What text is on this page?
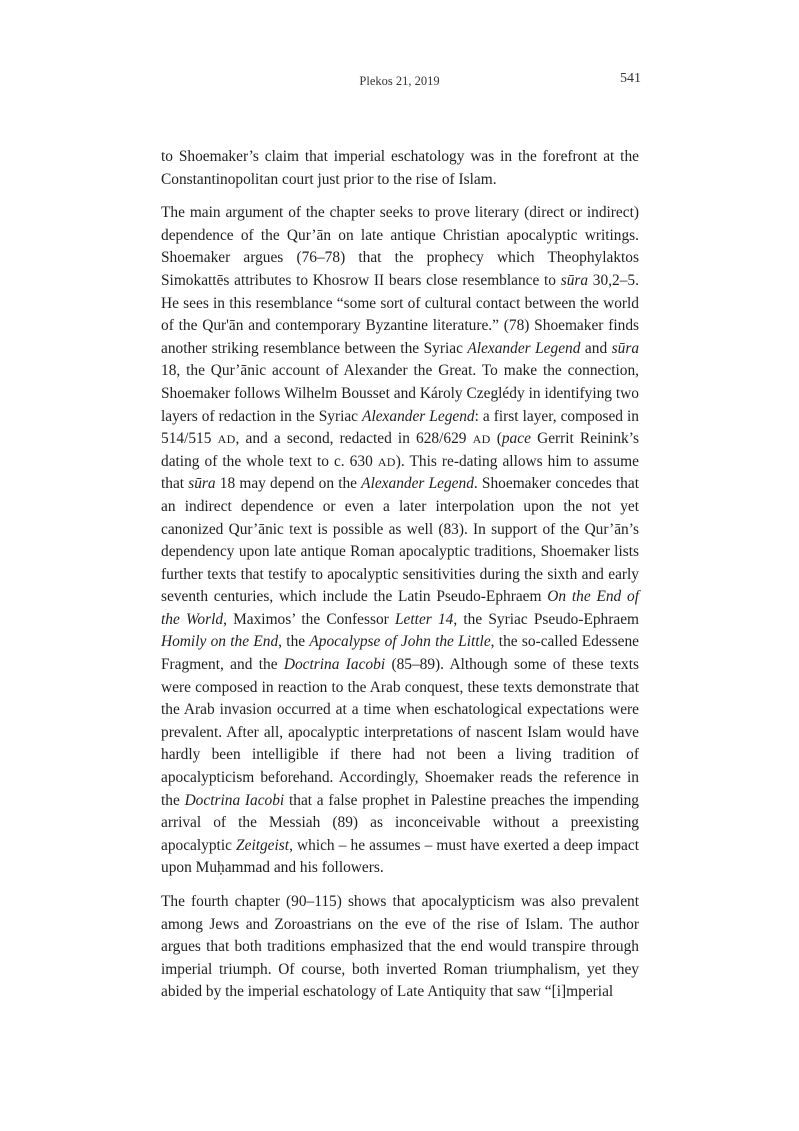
Plekos 21, 2019	541

to Shoemaker’s claim that imperial eschatology was in the forefront at the Constantinopolitan court just prior to the rise of Islam.

The main argument of the chapter seeks to prove literary (direct or indirect) dependence of the Qur’ān on late antique Christian apocalyptic writings. Shoemaker argues (76–78) that the prophecy which Theophylaktos Simokattēs attributes to Khosrow II bears close resemblance to sūra 30,2–5. He sees in this resemblance “some sort of cultural contact between the world of the Qur'ān and contemporary Byzantine literature.” (78) Shoemaker finds another striking resemblance between the Syriac Alexander Legend and sūra 18, the Qur’ānic account of Alexander the Great. To make the connection, Shoemaker follows Wilhelm Bousset and Károly Czeglédy in identifying two layers of redaction in the Syriac Alexander Legend: a first layer, composed in 514/515 AD, and a second, redacted in 628/629 AD (pace Gerrit Reinink’s dating of the whole text to c. 630 AD). This re-dating allows him to assume that sūra 18 may depend on the Alexander Legend. Shoemaker concedes that an indirect dependence or even a later interpolation upon the not yet canonized Qur’ānic text is possible as well (83). In support of the Qur’ān’s dependency upon late antique Roman apocalyptic traditions, Shoemaker lists further texts that testify to apocalyptic sensitivities during the sixth and early seventh centuries, which include the Latin Pseudo-Ephraem On the End of the World, Maximos’ the Confessor Letter 14, the Syriac Pseudo-Ephraem Homily on the End, the Apocalypse of John the Little, the so-called Edessene Fragment, and the Doctrina Iacobi (85–89). Although some of these texts were composed in reaction to the Arab conquest, these texts demonstrate that the Arab invasion occurred at a time when eschatological expectations were prevalent. After all, apocalyptic interpretations of nascent Islam would have hardly been intelligible if there had not been a living tradition of apocalypticism beforehand. Accordingly, Shoemaker reads the reference in the Doctrina Iacobi that a false prophet in Palestine preaches the impending arrival of the Messiah (89) as inconceivable without a preexisting apocalyptic Zeitgeist, which – he assumes – must have exerted a deep impact upon Muḥammad and his followers.

The fourth chapter (90–115) shows that apocalypticism was also prevalent among Jews and Zoroastrians on the eve of the rise of Islam. The author argues that both traditions emphasized that the end would transpire through imperial triumph. Of course, both inverted Roman triumphalism, yet they abided by the imperial eschatology of Late Antiquity that saw “[i]mperial
